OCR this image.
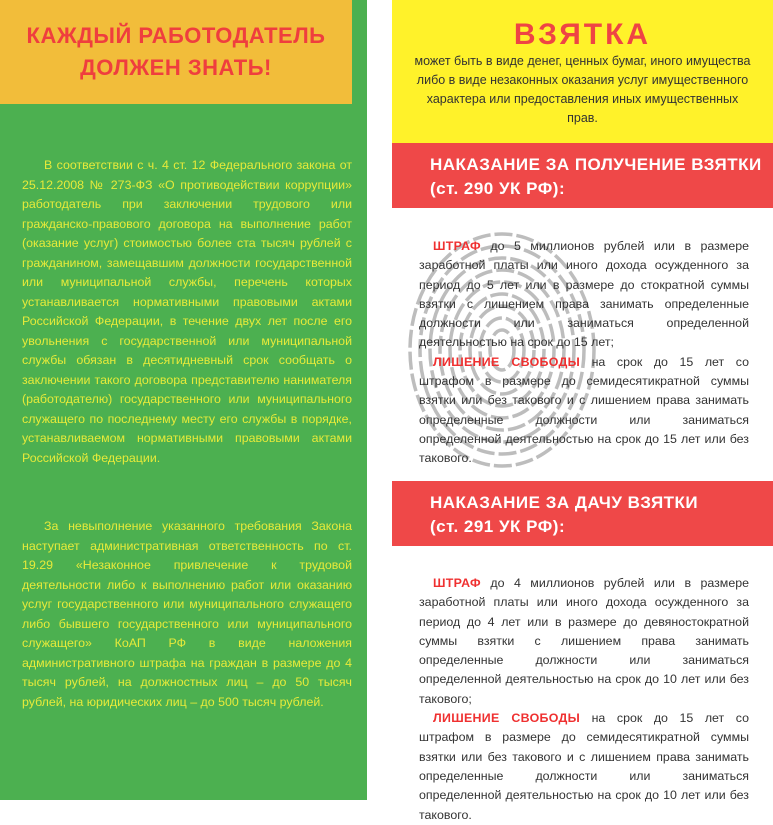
КАЖДЫЙ РАБОТОДАТЕЛЬ
ДОЛЖЕН ЗНАТЬ!

В соответствии с ч. 4 ст. 12 Федерального закона от 25.12.2008 № 273-ФЗ «О противодействии коррупции» работодатель при заключении трудового или гражданско-правового договора на выполнение работ (оказание услуг) стоимостью более ста тысяч рублей с гражданином, замещавшим должности государственной или муниципальной службы, перечень которых устанавливается нормативными правовыми актами Российской Федерации, в течение двух лет после его увольнения с государственной или муниципальной службы обязан в десятидневный срок сообщать о заключении такого договора представителю нанимателя (работодателю) государственного или муниципального служащего по последнему месту его службы в порядке, устанавливаемом нормативными правовыми актами Российской Федерации.

За невыполнение указанного требования Закона наступает административная ответственность по ст. 19.29 «Незаконное привлечение к трудовой деятельности либо к выполнению работ или оказанию услуг государственного или муниципального служащего либо бывшего государственного или муниципального служащего» КоАП РФ в виде наложения административного штрафа на граждан в размере до 4 тысяч рублей, на должностных лиц – до 50 тысяч рублей, на юридических лиц – до 500 тысяч рублей.

ВЗЯТКА

может быть в виде денег, ценных бумаг, иного имущества либо в виде незаконных оказания услуг имущественного характера или предоставления иных имущественных прав.

НАКАЗАНИЕ ЗА ПОЛУЧЕНИЕ ВЗЯТКИ
(ст. 290 УК РФ):

ШТРАФ до 5 миллионов рублей или в размере заработной платы или иного дохода осужденного за период до 5 лет или в размере до стократной суммы взятки с лишением права занимать определенные должности или заниматься определенной деятельностью на срок до 15 лет;

ЛИШЕНИЕ СВОБОДЫ на срок до 15 лет со штрафом в размере до семидесятикратной суммы взятки или без такового и с лишением права занимать определенные должности или заниматься определенной деятельностью на срок до 15 лет или без такового.

НАКАЗАНИЕ ЗА ДАЧУ ВЗЯТКИ
(ст. 291 УК РФ):

ШТРАФ до 4 миллионов рублей или в размере заработной платы или иного дохода осужденного за период до 4 лет или в размере до девяностократной суммы взятки с лишением права занимать определенные должности или заниматься определенной деятельностью на срок до 10 лет или без такового;

ЛИШЕНИЕ СВОБОДЫ на срок до 15 лет со штрафом в размере до семидесятикратной суммы взятки или без такового и с лишением права занимать определенные должности или заниматься определенной деятельностью на срок до 10 лет или без такового.
